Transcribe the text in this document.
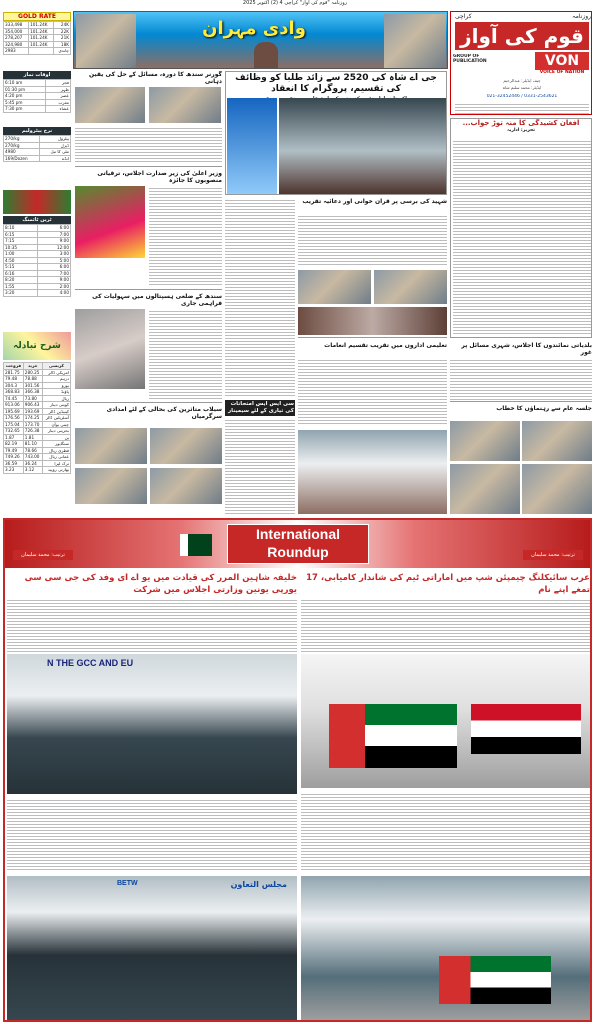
روزنامہ "قوم کی آواز" کراچی 4 (2) اکتوبر 2025
GOLD RATE
333,498	101.24K	24K
354,000	101.24K	22K
278,207	101.24K	21K
324,980	101.24K	18K
2983		چاندی
وادی مہران
روزنامہ
کراچی
قوم کی آواز
GROUP OF PUBLICATION	VON
VOICE OF NATION
چیف ایڈیٹر: عبدالرحیم
ایڈیٹر: محمد سلیم شاہ
021-32452446 / 0331-2543621
اوقات نماز
6:10 am	فجر
01:30 pm	ظہر
4:20 pm	عصر
5:45 pm	مغرب
7:30 pm	عشاء
نرخ پیٹرولیم
270/kg	پیٹرول
270/kg	ڈیزل
4980	مٹی کا تیل
169/Dozen	انڈے
ٹرین ٹائمنگ
8:10	6:00
6:15	7:00
7:15	9:00
10:35	12:00
1:00	3:00
4:50	5:00
5:15	6:00
6:16	7:00
8:20	9:00
1:55	2:00
3:20	4:00
شرح تبادلہ
فروخت	خرید	کرنسی
281.75	280.25	امریکی ڈالر
79.48	78.88	درہم
304.3	301.56	یورو
368.83	366.38	پاؤنڈ
74.45	73.80	ریال
913.06	906.43	کویتی دینار
195.69	193.69	کینیڈین ڈالر
176.56	174.25	آسٹریلین ڈالر
175.04	173.70	چینی یوآن
732.65	726.38	بحرینی دینار
1.87	1.81	ین
82.19	81.10	سنگاپور
79.49	78.66	قطری ریال
749.26	743.00	عمانی ریال
36.59	36.24	ترک لیرا
3.23	3.12	بھارتی روپیہ
گورنر سندھ کا دورہ، مسائل کے حل کی یقین دہانی
وزیر اعلیٰ کی زیر صدارت اجلاس، ترقیاتی منصوبوں کا جائزہ
سندھ کے ضلعی ہسپتالوں میں سہولیات کی فراہمی جاری
سیلاب متاثرین کی بحالی کے لئے امدادی سرگرمیاں
جی اے شاہ کی 2520 سے زائد طلبا کو وظائف کی تقسیم، پروگرام کا انعقاد
شہید کی برسی پر قرآن خوانی اور دعائیہ تقریب
تعلیمی اداروں میں تقریب تقسیم انعامات
سی ایس ایس امتحانات کی تیاری کے لئے سیمینار
افغان کشیدگی کا منہ توڑ جواب...
تحریر: اداریہ
بلدیاتی نمائندوں کا اجلاس، شہری مسائل پر غور
جلسہ عام سے رہنماؤں کا خطاب
International
Roundup
ترتیب: محمد سلیمان	ترتیب: محمد سلیمان
خلیفہ شاہین المرر کی قیادت میں یو اے ای وفد کی جی سی سی یورپی یونین وزارتی اجلاس میں شرکت
N THE GCC AND EU
مجلس التعاون
BETW
عرب سائیکلنگ چیمپئن شپ میں اماراتی ٹیم کی شاندار کامیابی، 17 تمغے اپنے نام
